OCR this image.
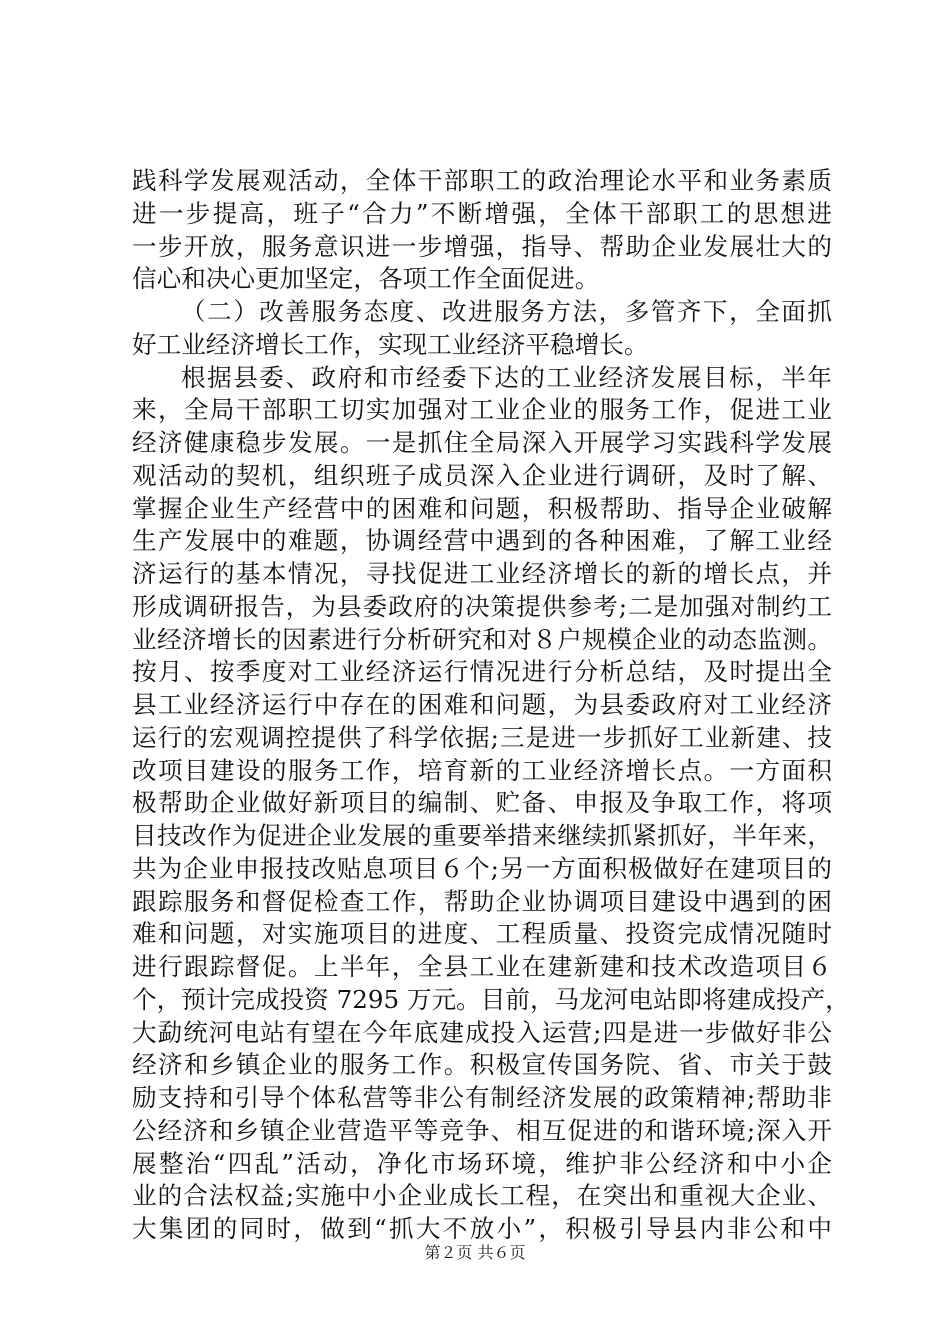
践科学发展观活动，全体干部职工的政治理论水平和业务素质
进一步提高，班子“合力”不断增强，全体干部职工的思想进
一步开放，服务意识进一步增强，指导、帮助企业发展壮大的
信心和决心更加坚定，各项工作全面促进。
（二）改善服务态度、改进服务方法，多管齐下，全面抓
好工业经济增长工作，实现工业经济平稳增长。
根据县委、政府和市经委下达的工业经济发展目标，半年
来，全局干部职工切实加强对工业企业的服务工作，促进工业
经济健康稳步发展。一是抓住全局深入开展学习实践科学发展
观活动的契机，组织班子成员深入企业进行调研，及时了解、
掌握企业生产经营中的困难和问题，积极帮助、指导企业破解
生产发展中的难题，协调经营中遇到的各种困难，了解工业经
济运行的基本情况，寻找促进工业经济增长的新的增长点，并
形成调研报告，为县委政府的决策提供参考;二是加强对制约工
业经济增长的因素进行分析研究和对８户规模企业的动态监测。
按月、按季度对工业经济运行情况进行分析总结，及时提出全
县工业经济运行中存在的困难和问题，为县委政府对工业经济
运行的宏观调控提供了科学依据;三是进一步抓好工业新建、技
改项目建设的服务工作，培育新的工业经济增长点。一方面积
极帮助企业做好新项目的编制、贮备、申报及争取工作，将项
目技改作为促进企业发展的重要举措来继续抓紧抓好，半年来，
共为企业申报技改贴息项目６个;另一方面积极做好在建项目的
跟踪服务和督促检查工作，帮助企业协调项目建设中遇到的困
难和问题，对实施项目的进度、工程质量、投资完成情况随时
进行跟踪督促。上半年，全县工业在建新建和技术改造项目６
个，预计完成投资 7295 万元。目前，马龙河电站即将建成投产，
大勐统河电站有望在今年底建成投入运营;四是进一步做好非公
经济和乡镇企业的服务工作。积极宣传国务院、省、市关于鼓
励支持和引导个体私营等非公有制经济发展的政策精神;帮助非
公经济和乡镇企业营造平等竞争、相互促进的和谐环境;深入开
展整治“四乱”活动，净化市场环境，维护非公经济和中小企
业的合法权益;实施中小企业成长工程，在突出和重视大企业、
大集团的同时，做到“抓大不放小”，积极引导县内非公和中
第２页 共６页
